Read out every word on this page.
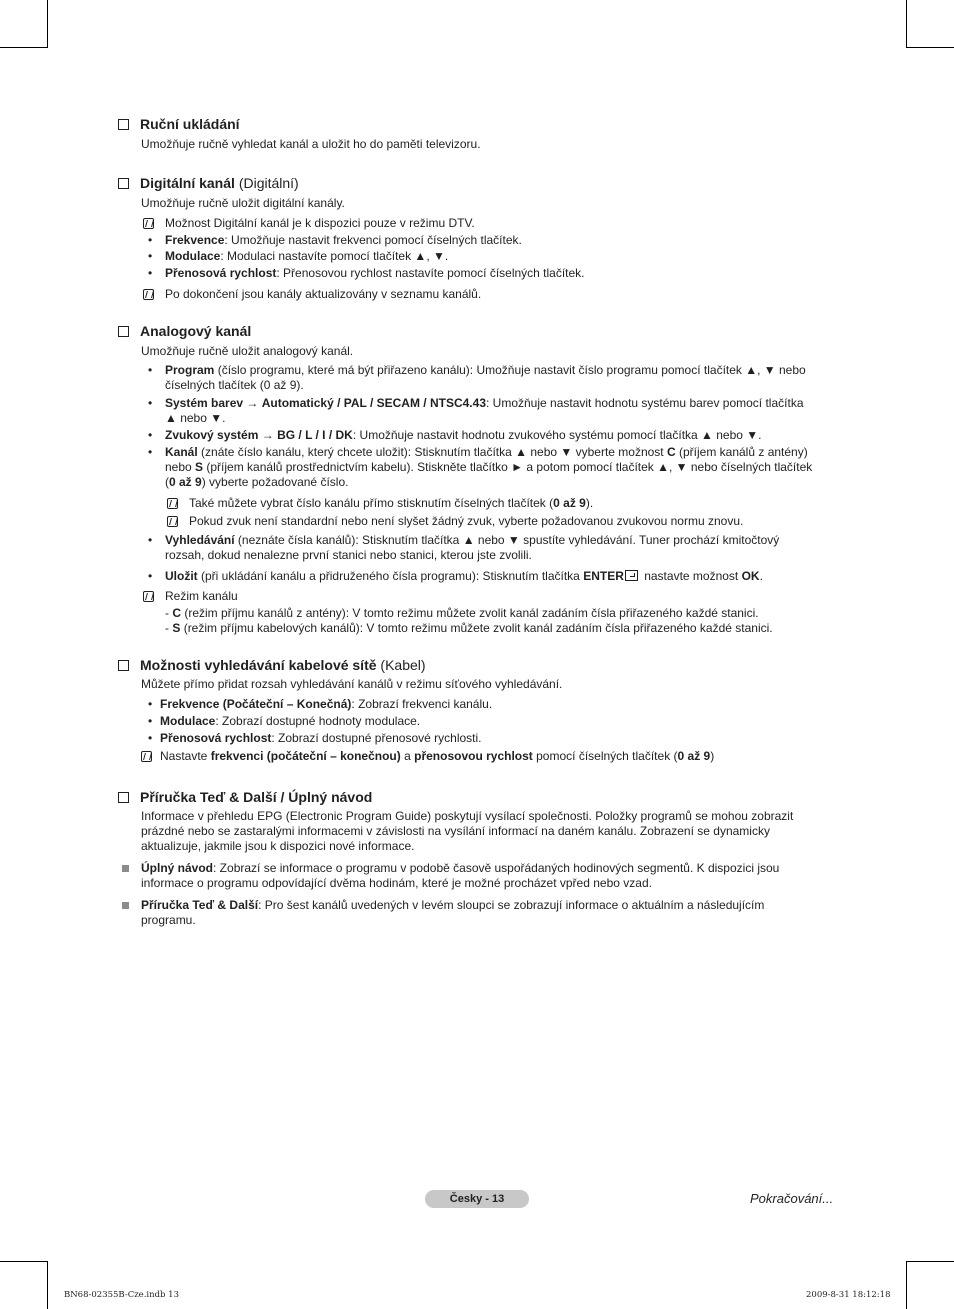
Ruční ukládání
Umožňuje ručně vyhledat kanál a uložit ho do paměti televizoru.
Digitální kanál (Digitální)
Umožňuje ručně uložit digitální kanály.
Možnost Digitální kanál je k dispozici pouze v režimu DTV.
• Frekvence: Umožňuje nastavit frekvenci pomocí číselných tlačítek.
• Modulace: Modulaci nastavíte pomocí tlačítek ▲, ▼.
• Přenosová rychlost: Přenosovou rychlost nastavíte pomocí číselných tlačítek.
Po dokončení jsou kanály aktualizovány v seznamu kanálů.
Analogový kanál
Umožňuje ručně uložit analogový kanál.
• Program (číslo programu, které má být přiřazeno kanálu): Umožňuje nastavit číslo programu pomocí tlačítek ▲, ▼ nebo
číselných tlačítek (0 až 9).
• Systém barev → Automatický / PAL / SECAM / NTSC4.43: Umožňuje nastavit hodnotu systému barev pomocí tlačítka
▲ nebo ▼.
• Zvukový systém → BG / L / I / DK: Umožňuje nastavit hodnotu zvukového systému pomocí tlačítka ▲ nebo ▼.
• Kanál (znáte číslo kanálu, který chcete uložit): Stisknutím tlačítka ▲ nebo ▼ vyberte možnost C (příjem kanálů z antény)
nebo S (příjem kanálů prostřednictvím kabelu). Stiskněte tlačítko ► a potom pomocí tlačítek ▲, ▼ nebo číselných tlačítek
(0 až 9) vyberte požadované číslo.
Také můžete vybrat číslo kanálu přímo stisknutím číselných tlačítek (0 až 9).
Pokud zvuk není standardní nebo není slyšet žádný zvuk, vyberte požadovanou zvukovou normu znovu.
• Vyhledávání (neznáte čísla kanálů): Stisknutím tlačítka ▲ nebo ▼ spustíte vyhledávání. Tuner prochází kmitočtový
rozsah, dokud nenalezne první stanici nebo stanici, kterou jste zvolili.
• Uložit (při ukládání kanálu a přidruženého čísla programu): Stisknutím tlačítka ENTER
nastavte možnost OK.
Režim kanálu
- C (režim příjmu kanálů z antény): V tomto režimu můžete zvolit kanál zadáním čísla přiřazeného každé stanici.
- S (režim příjmu kabelových kanálů): V tomto režimu můžete zvolit kanál zadáním čísla přiřazeného každé stanici.
Možnosti vyhledávání kabelové sítě (Kabel)
Můžete přímo přidat rozsah vyhledávání kanálů v režimu síťového vyhledávání.
• Frekvence (Počáteční – Konečná): Zobrazí frekvenci kanálu.
• Modulace: Zobrazí dostupné hodnoty modulace.
• Přenosová rychlost: Zobrazí dostupné přenosové rychlosti.
Nastavte frekvenci (počáteční – konečnou) a přenosovou rychlost pomocí číselných tlačítek (0 až 9)
Příručka Teď & Další / Úplný návod
Informace v přehledu EPG (Electronic Program Guide) poskytují vysílací společnosti. Položky programů se mohou zobrazit
prázdné nebo se zastaralými informacemi v závislosti na vysílání informací na daném kanálu. Zobrazení se dynamicky
aktualizuje, jakmile jsou k dispozici nové informace.
Úplný návod: Zobrazí se informace o programu v podobě časově uspořádaných hodinových segmentů. K dispozici jsou
informace o programu odpovídající dvěma hodinám, které je možné procházet vpřed nebo vzad.
Příručka Teď & Další: Pro šest kanálů uvedených v levém sloupci se zobrazují informace o aktuálním a následujícím
programu.
Česky - 13	Pokračování...
BN68-02355B-Cze.indb 13	2009-8-31 18:12:18
